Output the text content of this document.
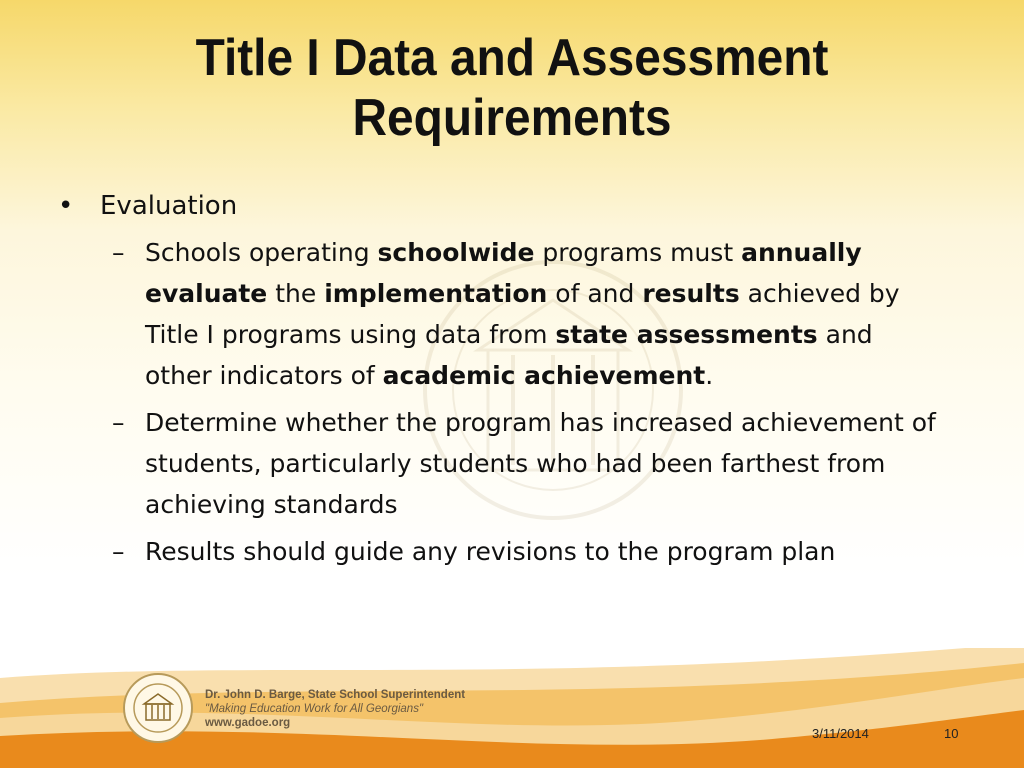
Title I Data and Assessment
Requirements
•	Evaluation
– Schools operating schoolwide programs must annually evaluate the implementation of and results achieved by Title I programs using data from state assessments and other indicators of academic achievement.
– Determine whether the program has increased achievement of students, particularly students who had been farthest from achieving standards
– Results should guide any revisions to the program plan
Dr. John D. Barge, State School Superintendent
"Making Education Work for All Georgians"
www.gadoe.org
3/11/2014	10
